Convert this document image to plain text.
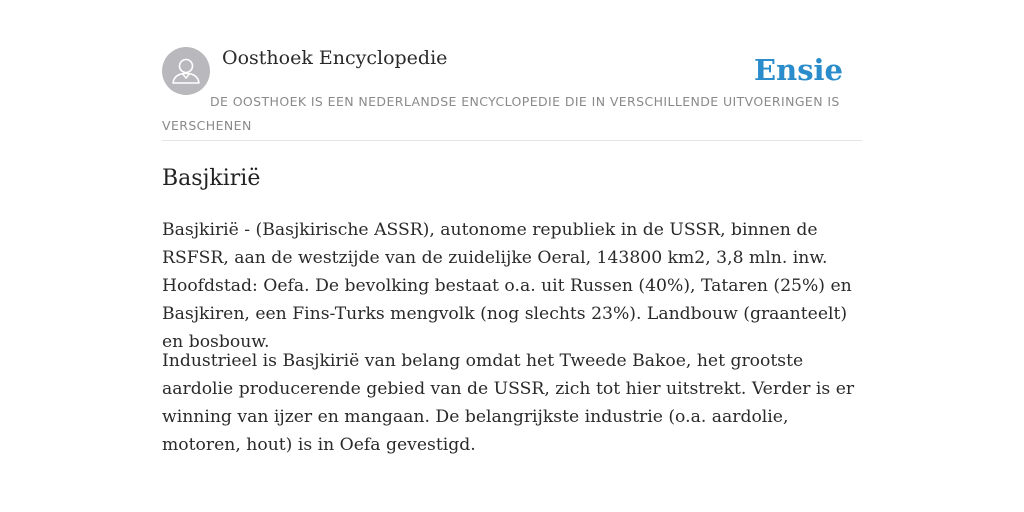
Oosthoek Encyclopedie	Ensie

DE OOSTHOEK IS EEN NEDERLANDSE ENCYCLOPEDIE DIE IN VERSCHILLENDE UITVOERINGEN IS VERSCHENEN

Basjkirië

Basjkirië - (Basjkirische ASSR), autonome republiek in de USSR, binnen de RSFSR, aan de westzijde van de zuidelijke Oeral, 143800 km2, 3,8 mln. inw. Hoofdstad: Oefa. De bevolking bestaat o.a. uit Russen (40%), Tataren (25%) en Basjkiren, een Fins-Turks mengvolk (nog slechts 23%). Landbouw (graanteelt) en bosbouw.

Industrieel is Basjkirië van belang omdat het Tweede Bakoe, het grootste aardolie producerende gebied van de USSR, zich tot hier uitstrekt. Verder is er winning van ijzer en mangaan. De belangrijkste industrie (o.a. aardolie, motoren, hout) is in Oefa gevestigd.
